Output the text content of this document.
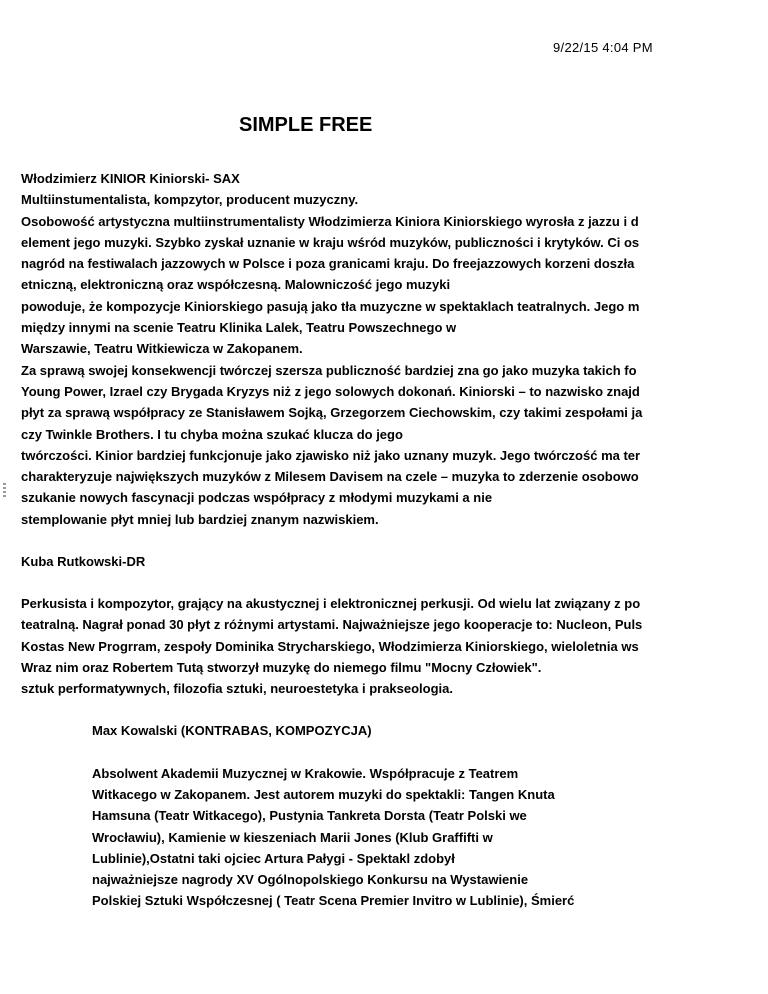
9/22/15 4:04 PM
SIMPLE FREE
Włodzimierz KINIOR Kiniorski- SAX
Multiinstumentalista, kompzytor, producent muzyczny.
Osobowość artystyczna multiinstrumentalisty Włodzimierza Kiniora Kiniorskiego wyrosła z jazzu i d
element jego muzyki. Szybko zyskał uznanie w kraju wśród muzyków, publiczności i krytyków. Ci os
nagród na festiwalach jazzowych w Polsce i poza granicami kraju. Do freejazzowych korzeni doszła
etniczną, elektroniczną oraz współczesną. Malowniczość jego muzyki
powoduje, że kompozycje Kiniorskiego pasują jako tła muzyczne w spektaklach teatralnych. Jego m
między innymi na scenie Teatru Klinika Lalek, Teatru Powszechnego w
Warszawie, Teatru Witkiewicza w Zakopanem.
Za sprawą swojej konsekwencji twórczej szersza publiczność bardziej zna go jako muzyka takich fo
Young Power, Izrael czy Brygada Kryzys niż z jego solowych dokonań. Kiniorski – to nazwisko znajd
płyt za sprawą współpracy ze Stanisławem Sojką, Grzegorzem Ciechowskim, czy takimi zespołami ja
czy Twinkle Brothers. I tu chyba można szukać klucza do jego
twórczości. Kinior bardziej funkcjonuje jako zjawisko niż jako uznany muzyk. Jego twórczość ma ter
charakteryzuje największych muzyków z Milesem Davisem na czele – muzyka to zderzenie osobowo
szukanie nowych fascynacji podczas współpracy z młodymi muzykami a nie
stemplowanie płyt mniej lub bardziej znanym nazwiskiem.
Kuba Rutkowski-DR
Perkusista i kompozytor, grający na akustycznej i elektronicznej perkusji. Od wielu lat związany z po
teatralną. Nagrał ponad 30 płyt z różnymi artystami. Najważniejsze jego kooperacje to: Nucleon, Puls
Kostas New Progrram, zespoły Dominika Strycharskiego, Włodzimierza Kiniorskiego, wieloletnia ws
Wraz nim oraz Robertem Tutą stworzył muzykę do niemego filmu "Mocny Człowiek".
sztuk performatywnych, filozofia sztuki, neuroestetyka i prakseologia.
Max Kowalski (KONTRABAS, KOMPOZYCJA)
Absolwent Akademii Muzycznej w Krakowie. Współpracuje z Teatrem
Witkacego w Zakopanem. Jest autorem muzyki do spektakli: Tangen Knuta
Hamsuna (Teatr Witkacego), Pustynia Tankreta Dorsta (Teatr Polski we
Wrocławiu), Kamienie w kieszeniach Marii Jones (Klub Graffifti w
Lublinie),Ostatni taki ojciec Artura Pałygi - Spektakl zdobył
najważniejsze nagrody XV Ogólnopolskiego Konkursu na Wystawienie
Polskiej Sztuki Współczesnej ( Teatr Scena Premier Invitro w Lublinie), Śmierć
